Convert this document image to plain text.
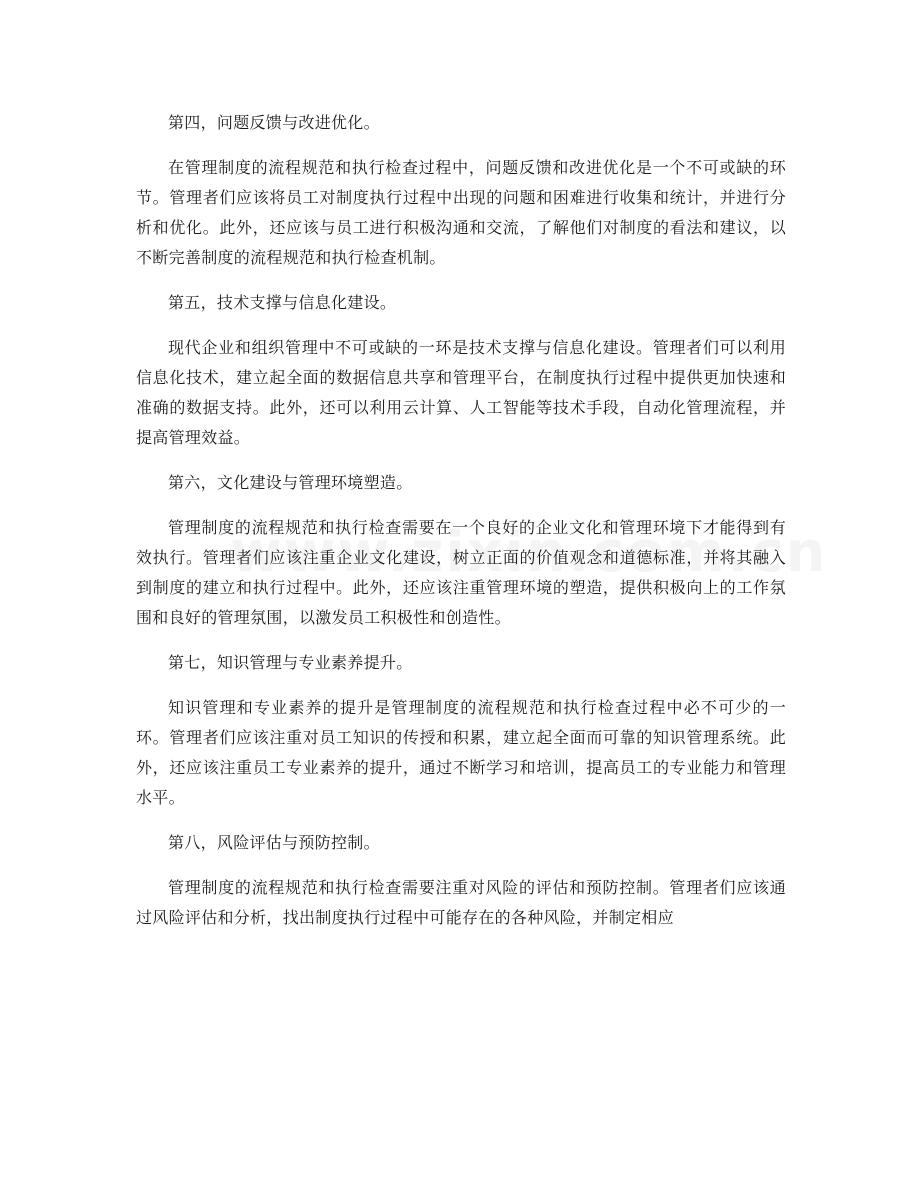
第四，问题反馈与改进优化。

在管理制度的流程规范和执行检查过程中，问题反馈和改进优化是一个不可或缺的环节。管理者们应该将员工对制度执行过程中出现的问题和困难进行收集和统计，并进行分析和优化。此外，还应该与员工进行积极沟通和交流，了解他们对制度的看法和建议，以不断完善制度的流程规范和执行检查机制。

第五，技术支撑与信息化建设。

现代企业和组织管理中不可或缺的一环是技术支撑与信息化建设。管理者们可以利用信息化技术，建立起全面的数据信息共享和管理平台，在制度执行过程中提供更加快速和准确的数据支持。此外，还可以利用云计算、人工智能等技术手段，自动化管理流程，并提高管理效益。

第六，文化建设与管理环境塑造。

管理制度的流程规范和执行检查需要在一个良好的企业文化和管理环境下才能得到有效执行。管理者们应该注重企业文化建设，树立正面的价值观念和道德标准，并将其融入到制度的建立和执行过程中。此外，还应该注重管理环境的塑造，提供积极向上的工作氛围和良好的管理氛围，以激发员工积极性和创造性。

第七，知识管理与专业素养提升。

知识管理和专业素养的提升是管理制度的流程规范和执行检查过程中必不可少的一环。管理者们应该注重对员工知识的传授和积累，建立起全面而可靠的知识管理系统。此外，还应该注重员工专业素养的提升，通过不断学习和培训，提高员工的专业能力和管理水平。

第八，风险评估与预防控制。

管理制度的流程规范和执行检查需要注重对风险的评估和预防控制。管理者们应该通过风险评估和分析，找出制度执行过程中可能存在的各种风险，并制定相应
